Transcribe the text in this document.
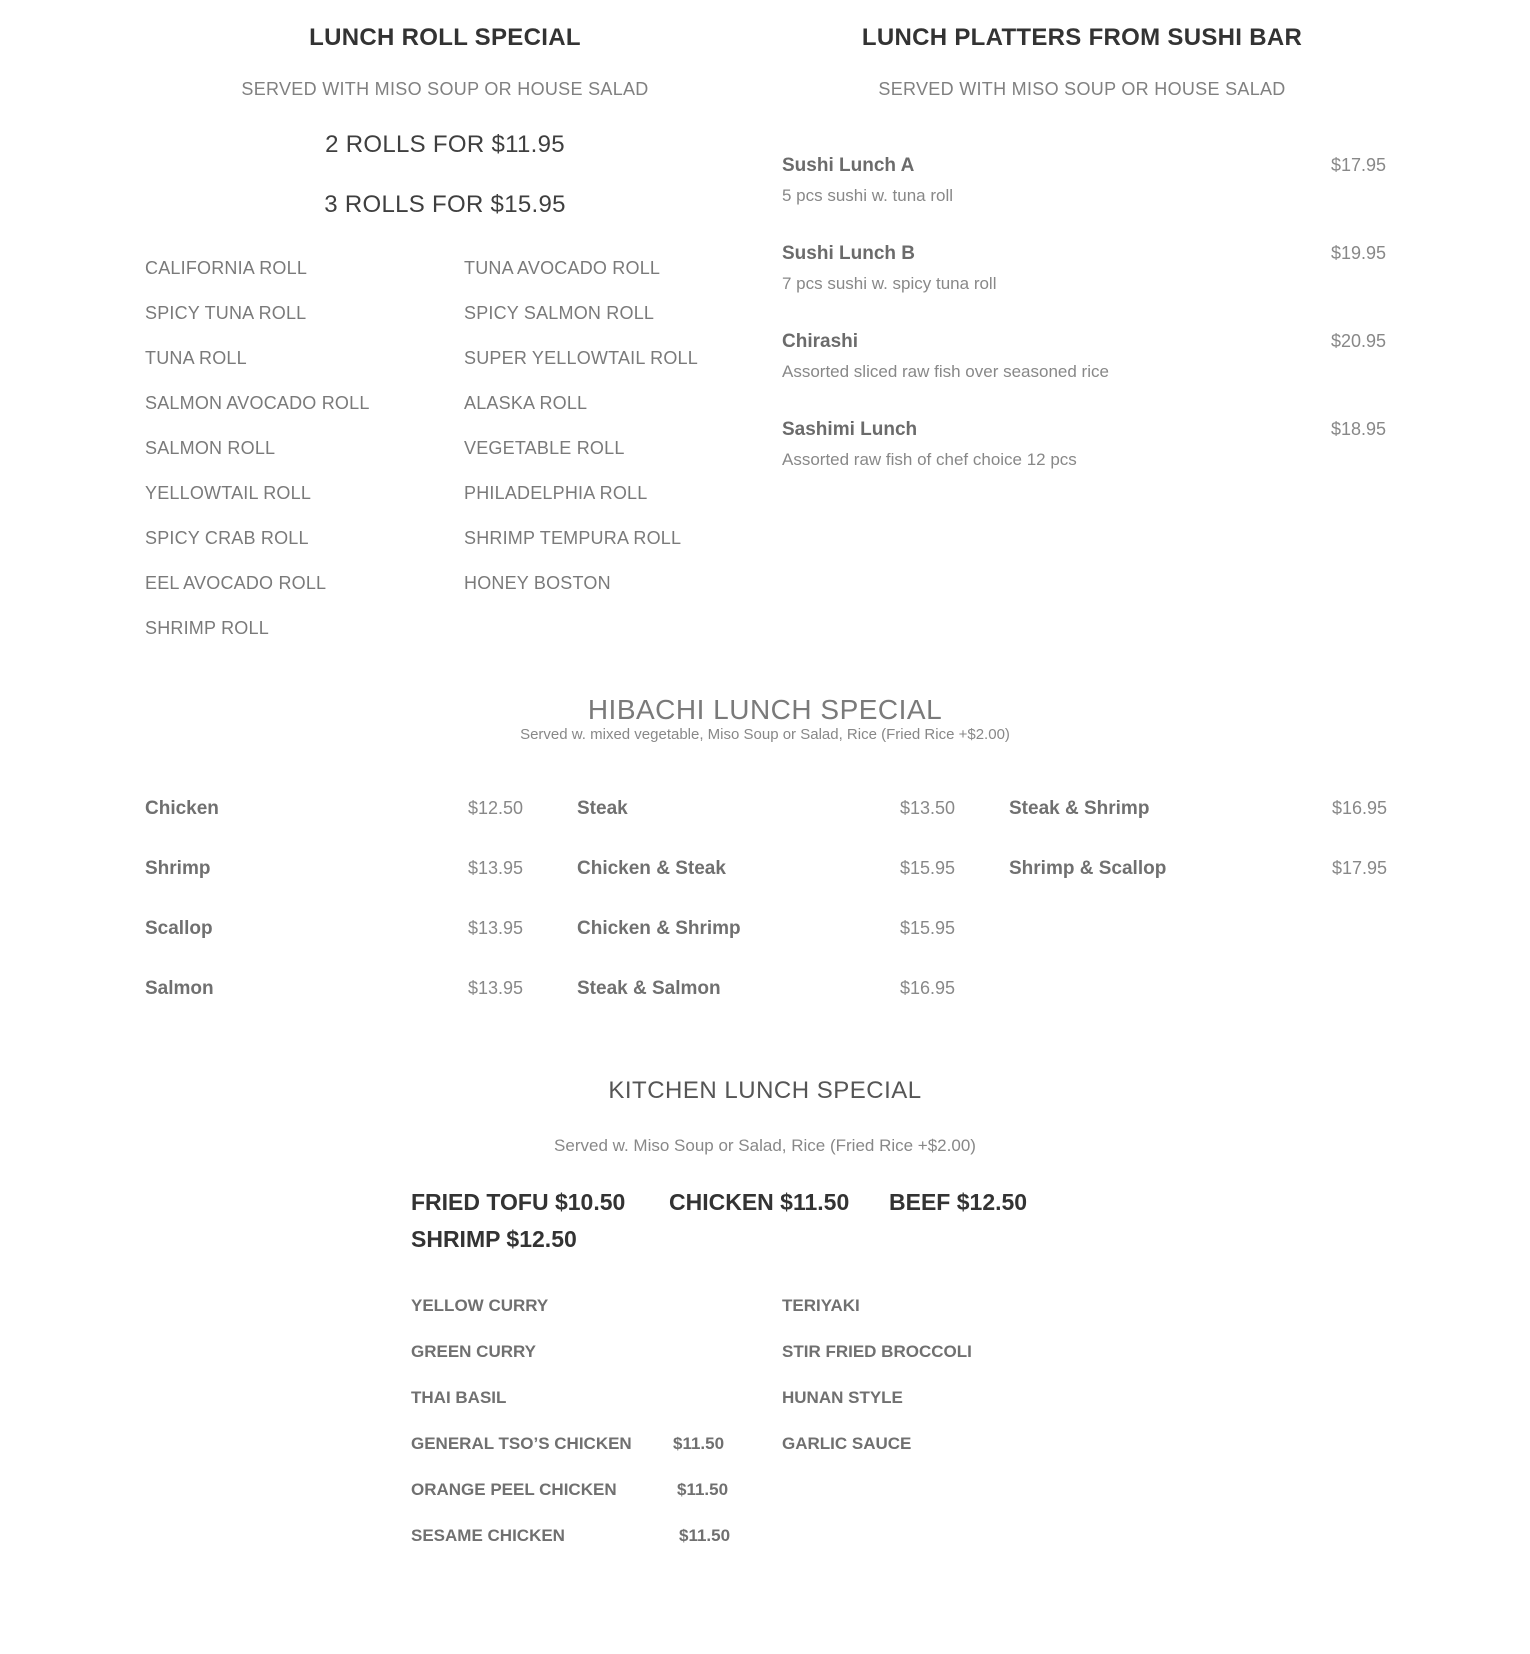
LUNCH ROLL SPECIAL
SERVED WITH MISO SOUP OR HOUSE SALAD
2 ROLLS FOR $11.95
3 ROLLS FOR $15.95
CALIFORNIA ROLL
SPICY TUNA ROLL
TUNA ROLL
SALMON AVOCADO ROLL
SALMON ROLL
YELLOWTAIL ROLL
SPICY CRAB ROLL
EEL AVOCADO ROLL
SHRIMP ROLL
TUNA AVOCADO ROLL
SPICY SALMON ROLL
SUPER YELLOWTAIL ROLL
ALASKA ROLL
VEGETABLE ROLL
PHILADELPHIA ROLL
SHRIMP TEMPURA ROLL
HONEY BOSTON
LUNCH PLATTERS FROM SUSHI BAR
SERVED WITH MISO SOUP OR HOUSE SALAD
Sushi Lunch A
5 pcs sushi w. tuna roll
$17.95
Sushi Lunch B
7 pcs sushi w. spicy tuna roll
$19.95
Chirashi
Assorted sliced raw fish over seasoned rice
$20.95
Sashimi Lunch
Assorted raw fish of chef choice 12 pcs
$18.95
HIBACHI LUNCH SPECIAL
Served w. mixed vegetable, Miso Soup or Salad, Rice (Fried Rice +$2.00)
Chicken	$12.50
Shrimp	$13.95
Scallop	$13.95
Salmon	$13.95
Steak	$13.50
Chicken & Steak	$15.95
Chicken & Shrimp	$15.95
Steak & Salmon	$16.95
Steak & Shrimp	$16.95
Shrimp & Scallop	$17.95
KITCHEN LUNCH SPECIAL
Served w. Miso Soup or Salad, Rice (Fried Rice +$2.00)
FRIED TOFU $10.50 CHICKEN $11.50 BEEF $12.50
SHRIMP $12.50
YELLOW CURRY
GREEN CURRY
THAI BASIL
GENERAL TSO’S CHICKEN $11.50
ORANGE PEEL CHICKEN	$11.50
SESAME CHICKEN	$11.50
TERIYAKI
STIR FRIED BROCCOLI
HUNAN STYLE
GARLIC SAUCE
